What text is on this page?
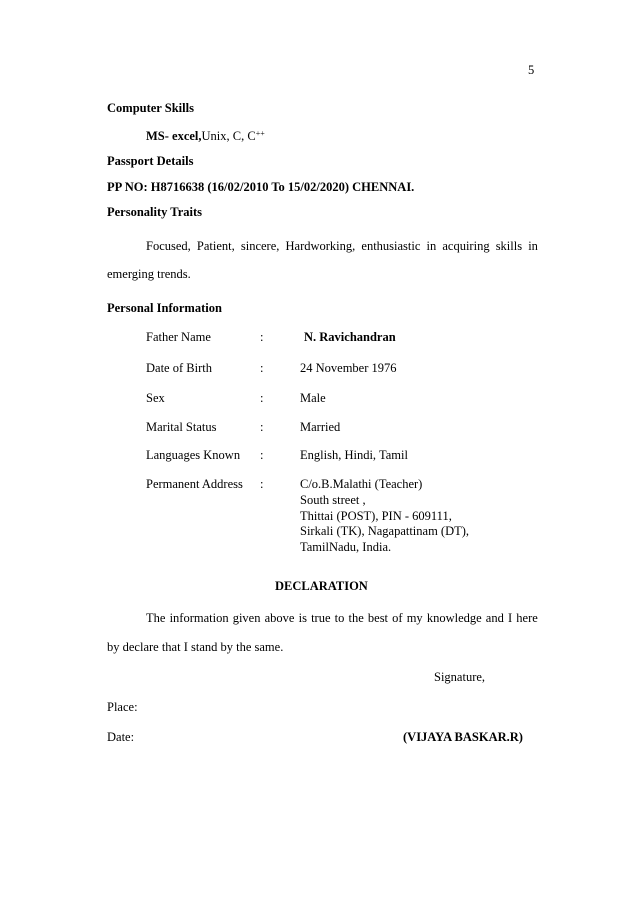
5
Computer Skills
MS- excel,Unix, C, C++
Passport Details
PP NO: H8716638 (16/02/2010 To 15/02/2020) CHENNAI.
Personality Traits
Focused, Patient, sincere, Hardworking, enthusiastic in acquiring skills in
emerging trends.
Personal Information
Father Name	:	N. Ravichandran
Date of Birth	:	24 November 1976
Sex	:	Male
Marital Status	:	Married
Languages Known :	English, Hindi, Tamil
Permanent Address :	C/o.B.Malathi (Teacher)
South street ,
Thittai (POST), PIN - 609111,
Sirkali (TK), Nagapattinam (DT),
TamilNadu, India.
DECLARATION
The information given above is true to the best of my knowledge and I here
by declare that I stand by the same.
Signature,
Place:
Date:	(VIJAYA BASKAR.R)
